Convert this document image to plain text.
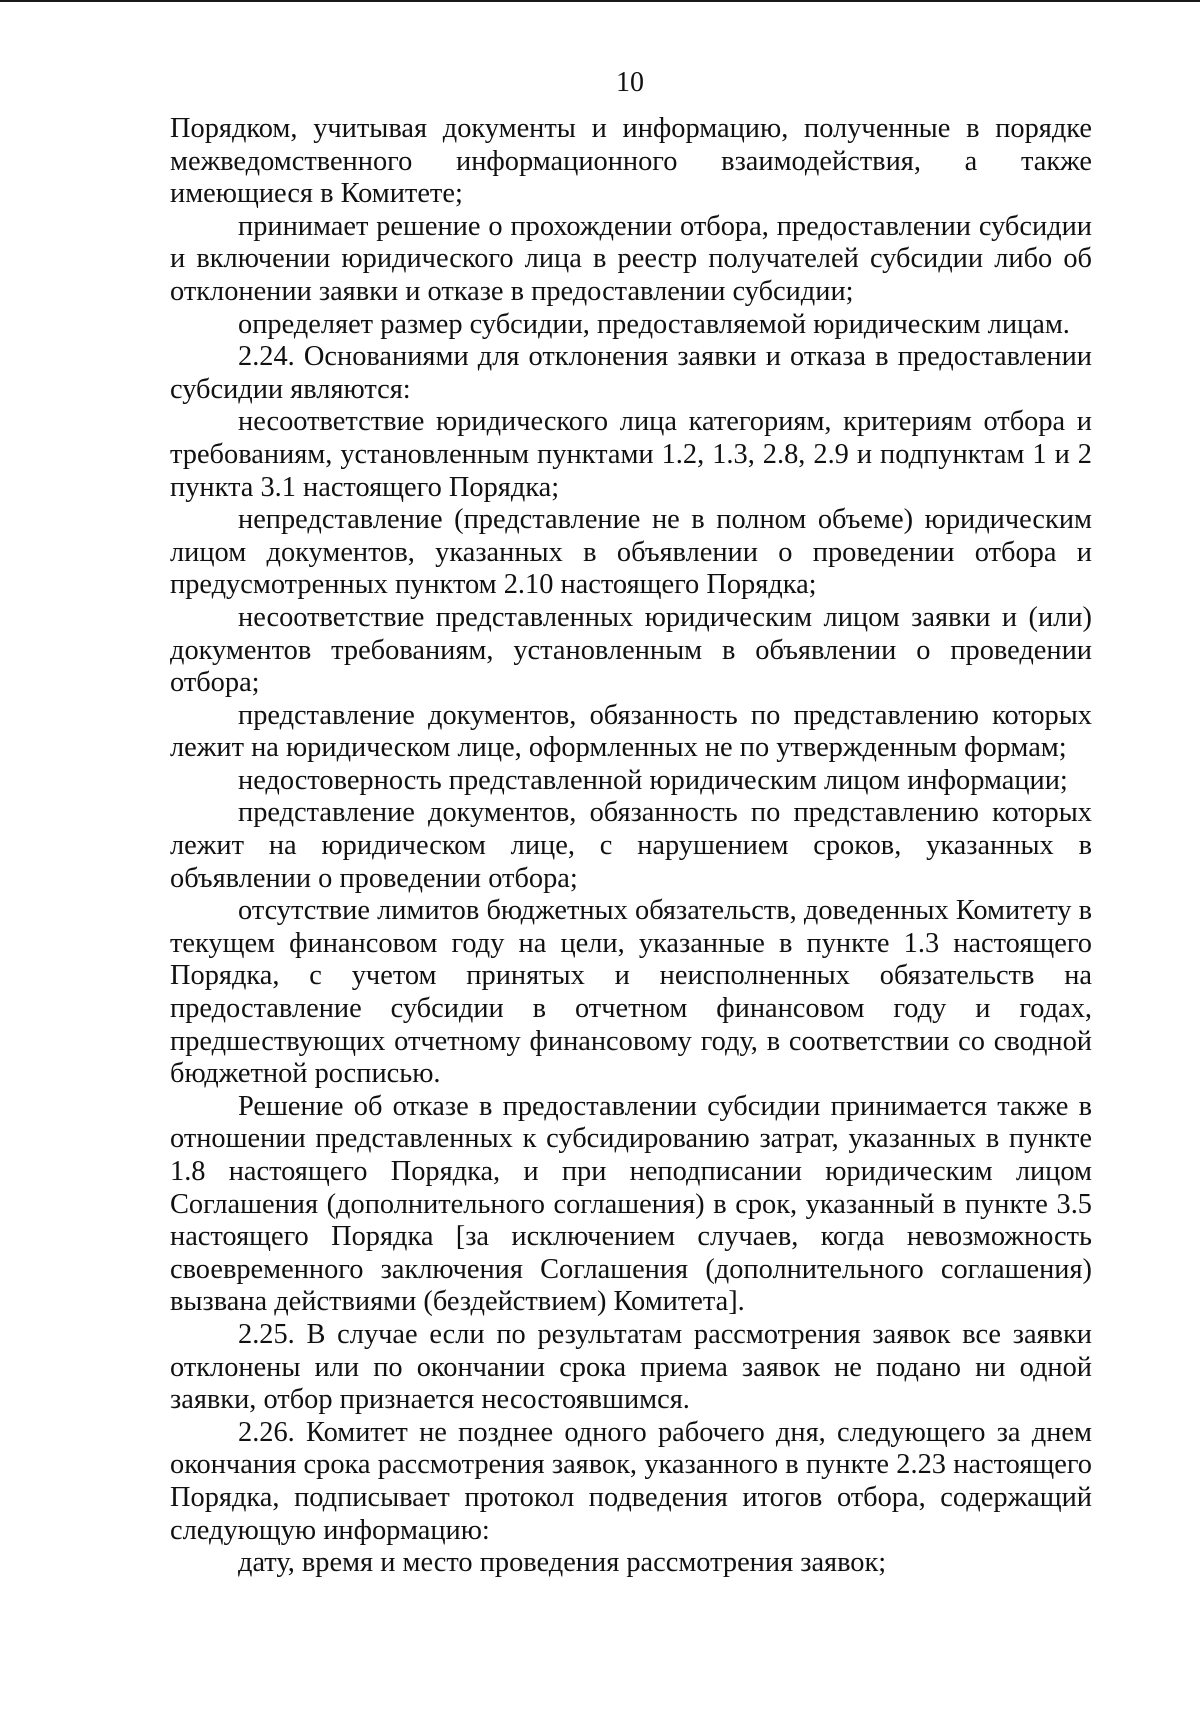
10

Порядком, учитывая документы и информацию, полученные в порядке межведомственного информационного взаимодействия, а также имеющиеся в Комитете;

принимает решение о прохождении отбора, предоставлении субсидии и включении юридического лица в реестр получателей субсидии либо об отклонении заявки и отказе в предоставлении субсидии;

определяет размер субсидии, предоставляемой юридическим лицам.

2.24. Основаниями для отклонения заявки и отказа в предоставлении субсидии являются:

несоответствие юридического лица категориям, критериям отбора и требованиям, установленным пунктами 1.2, 1.3, 2.8, 2.9 и подпунктам 1 и 2 пункта 3.1 настоящего Порядка;

непредставление (представление не в полном объеме) юридическим лицом документов, указанных в объявлении о проведении отбора и предусмотренных пунктом 2.10 настоящего Порядка;

несоответствие представленных юридическим лицом заявки и (или) документов требованиям, установленным в объявлении о проведении отбора;

представление документов, обязанность по представлению которых лежит на юридическом лице, оформленных не по утвержденным формам;

недостоверность представленной юридическим лицом информации;

представление документов, обязанность по представлению которых лежит на юридическом лице, с нарушением сроков, указанных в объявлении о проведении отбора;

отсутствие лимитов бюджетных обязательств, доведенных Комитету в текущем финансовом году на цели, указанные в пункте 1.3 настоящего Порядка, с учетом принятых и неисполненных обязательств на предоставление субсидии в отчетном финансовом году и годах, предшествующих отчетному финансовому году, в соответствии со сводной бюджетной росписью.

Решение об отказе в предоставлении субсидии принимается также в отношении представленных к субсидированию затрат, указанных в пункте 1.8 настоящего Порядка, и при неподписании юридическим лицом Соглашения (дополнительного соглашения) в срок, указанный в пункте 3.5 настоящего Порядка [за исключением случаев, когда невозможность своевременного заключения Соглашения (дополнительного соглашения) вызвана действиями (бездействием) Комитета].

2.25. В случае если по результатам рассмотрения заявок все заявки отклонены или по окончании срока приема заявок не подано ни одной заявки, отбор признается несостоявшимся.

2.26. Комитет не позднее одного рабочего дня, следующего за днем окончания срока рассмотрения заявок, указанного в пункте 2.23 настоящего Порядка, подписывает протокол подведения итогов отбора, содержащий следующую информацию:

дату, время и место проведения рассмотрения заявок;
